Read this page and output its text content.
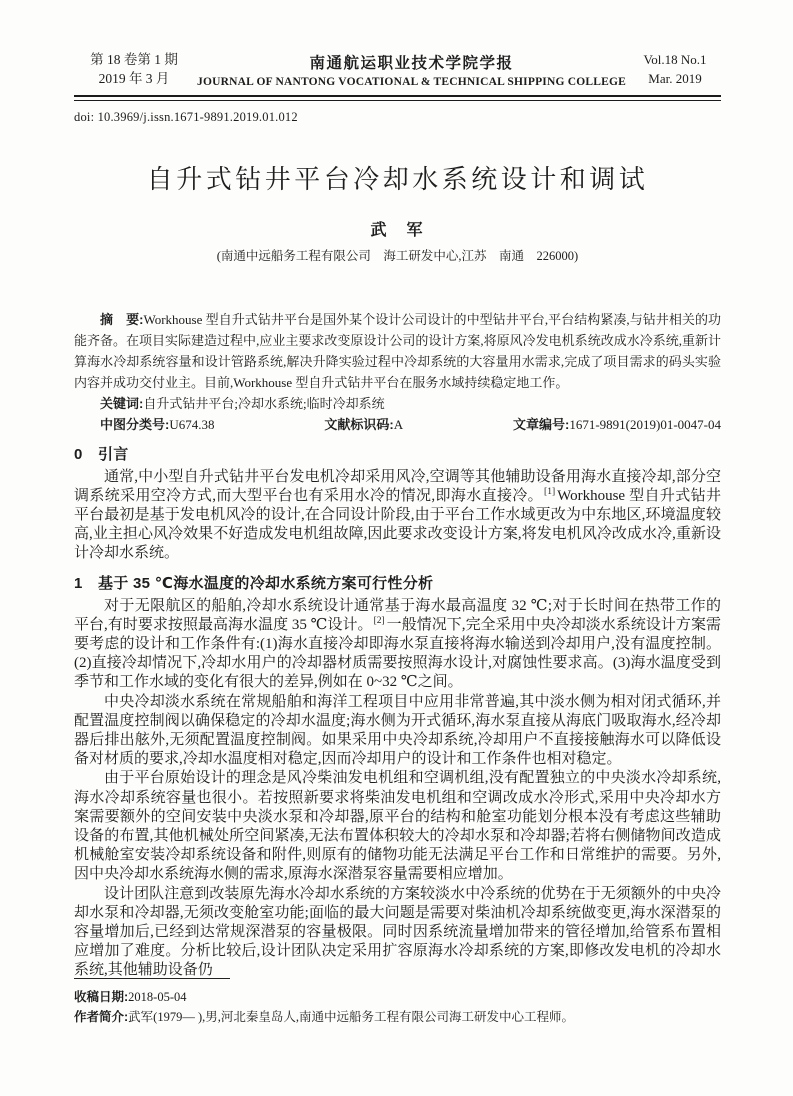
第 18 卷第 1 期
2019 年 3 月
南通航运职业技术学院学报
JOURNAL OF NANTONG VOCATIONAL & TECHNICAL SHIPPING COLLEGE
Vol.18 No.1
Mar. 2019
doi: 10.3969/j.issn.1671-9891.2019.01.012
自升式钻井平台冷却水系统设计和调试
武　军
(南通中远船务工程有限公司　海工研发中心,江苏　南通　226000)

摘　要:Workhouse 型自升式钻井平台是国外某个设计公司设计的中型钻井平台,平台结构紧凑,与钻井相关的功能齐备。在项目实际建造过程中,应业主要求改变原设计公司的设计方案,将原风冷发电机系统改成水冷系统,重新计算海水冷却系统容量和设计管路系统,解决升降实验过程中冷却系统的大容量用水需求,完成了项目需求的码头实验内容并成功交付业主。目前,Workhouse 型自升式钻井平台在服务水域持续稳定地工作。

关键词:自升式钻井平台;冷却水系统;临时冷却系统

中图分类号:U674.38	文献标识码:A	文章编号:1671-9891(2019)01-0047-04

0　引言

通常,中小型自升式钻井平台发电机冷却采用风冷,空调等其他辅助设备用海水直接冷却,部分空调系统采用空冷方式,而大型平台也有采用水冷的情况,即海水直接冷。[1] Workhouse 型自升式钻井平台最初是基于发电机风冷的设计,在合同设计阶段,由于平台工作水域更改为中东地区,环境温度较高,业主担心风冷效果不好造成发电机组故障,因此要求改变设计方案,将发电机风冷改成水冷,重新设计冷却水系统。

1　基于 35 ℃海水温度的冷却水系统方案可行性分析

对于无限航区的船舶,冷却水系统设计通常基于海水最高温度 32 ℃;对于长时间在热带工作的平台,有时要求按照最高海水温度 35 ℃设计。[2] 一般情况下,完全采用中央冷却淡水系统设计方案需要考虑的设计和工作条件有:(1)海水直接冷却即海水泵直接将海水输送到冷却用户,没有温度控制。(2)直接冷却情况下,冷却水用户的冷却器材质需要按照海水设计,对腐蚀性要求高。(3)海水温度受到季节和工作水域的变化有很大的差异,例如在 0~32 ℃之间。

中央冷却淡水系统在常规船舶和海洋工程项目中应用非常普遍,其中淡水侧为相对闭式循环,并配置温度控制阀以确保稳定的冷却水温度;海水侧为开式循环,海水泵直接从海底门吸取海水,经冷却器后排出舷外,无须配置温度控制阀。如果采用中央冷却系统,冷却用户不直接接触海水可以降低设备对材质的要求,冷却水温度相对稳定,因而冷却用户的设计和工作条件也相对稳定。

由于平台原始设计的理念是风冷柴油发电机组和空调机组,没有配置独立的中央淡水冷却系统,海水冷却系统容量也很小。若按照新要求将柴油发电机组和空调改成水冷形式,采用中央冷却水方案需要额外的空间安装中央淡水泵和冷却器,原平台的结构和舱室功能划分根本没有考虑这些辅助设备的布置,其他机械处所空间紧凑,无法布置体积较大的冷却水泵和冷却器;若将右侧储物间改造成机械舱室安装冷却系统设备和附件,则原有的储物功能无法满足平台工作和日常维护的需要。另外,因中央冷却水系统海水侧的需求,原海水深潜泵容量需要相应增加。

设计团队注意到改装原先海水冷却水系统的方案较淡水中冷系统的优势在于无须额外的中央冷却水泵和冷却器,无须改变舱室功能;面临的最大问题是需要对柴油机冷却系统做变更,海水深潜泵的容量增加后,已经到达常规深潜泵的容量极限。同时因系统流量增加带来的管径增加,给管系布置相应增加了难度。分析比较后,设计团队决定采用扩容原海水冷却系统的方案,即修改发电机的冷却水系统,其他辅助设备仍

收稿日期:2018-05-04

作者简介:武军(1979— ),男,河北秦皇岛人,南通中远船务工程有限公司海工研发中心工程师。
